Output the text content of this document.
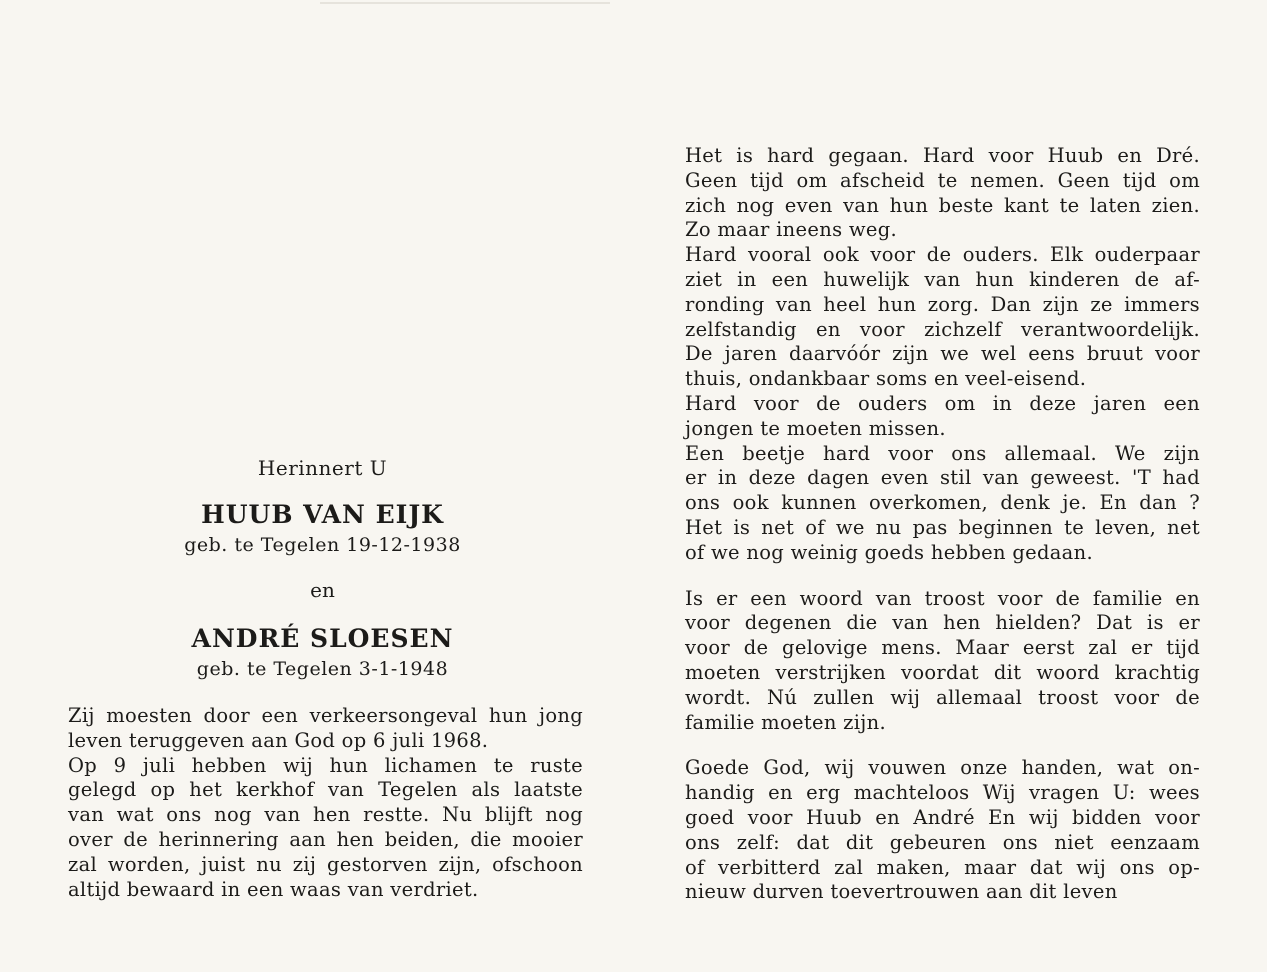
Herinnert U
HUUB VAN EIJK
geb. te Tegelen 19-12-1938
en
ANDRÉ SLOESEN
geb. te Tegelen 3-1-1948
Zij moesten door een verkeersongeval hun jong
leven teruggeven aan God op 6 juli 1968.
Op 9 juli hebben wij hun lichamen te ruste
gelegd op het kerkhof van Tegelen als laatste
van wat ons nog van hen restte. Nu blijft nog
over de herinnering aan hen beiden, die mooier
zal worden, juist nu zij gestorven zijn, ofschoon
altijd bewaard in een waas van verdriet.
Het is hard gegaan. Hard voor Huub en Dré.
Geen tijd om afscheid te nemen. Geen tijd om
zich nog even van hun beste kant te laten zien.
Zo maar ineens weg.
Hard vooral ook voor de ouders. Elk ouderpaar
ziet in een huwelijk van hun kinderen de af-
ronding van heel hun zorg. Dan zijn ze immers
zelfstandig en voor zichzelf verantwoordelijk.
De jaren daarvóór zijn we wel eens bruut voor
thuis, ondankbaar soms en veel-eisend.
Hard voor de ouders om in deze jaren een
jongen te moeten missen.
Een beetje hard voor ons allemaal. We zijn
er in deze dagen even stil van geweest. 'T had
ons ook kunnen overkomen, denk je. En dan ?
Het is net of we nu pas beginnen te leven, net
of we nog weinig goeds hebben gedaan.
Is er een woord van troost voor de familie en
voor degenen die van hen hielden? Dat is er
voor de gelovige mens. Maar eerst zal er tijd
moeten verstrijken voordat dit woord krachtig
wordt. Nú zullen wij allemaal troost voor de
familie moeten zijn.
Goede God, wij vouwen onze handen, wat on-
handig en erg machteloos Wij vragen U: wees
goed voor Huub en André En wij bidden voor
ons zelf: dat dit gebeuren ons niet eenzaam
of verbitterd zal maken, maar dat wij ons op-
nieuw durven toevertrouwen aan dit leven
